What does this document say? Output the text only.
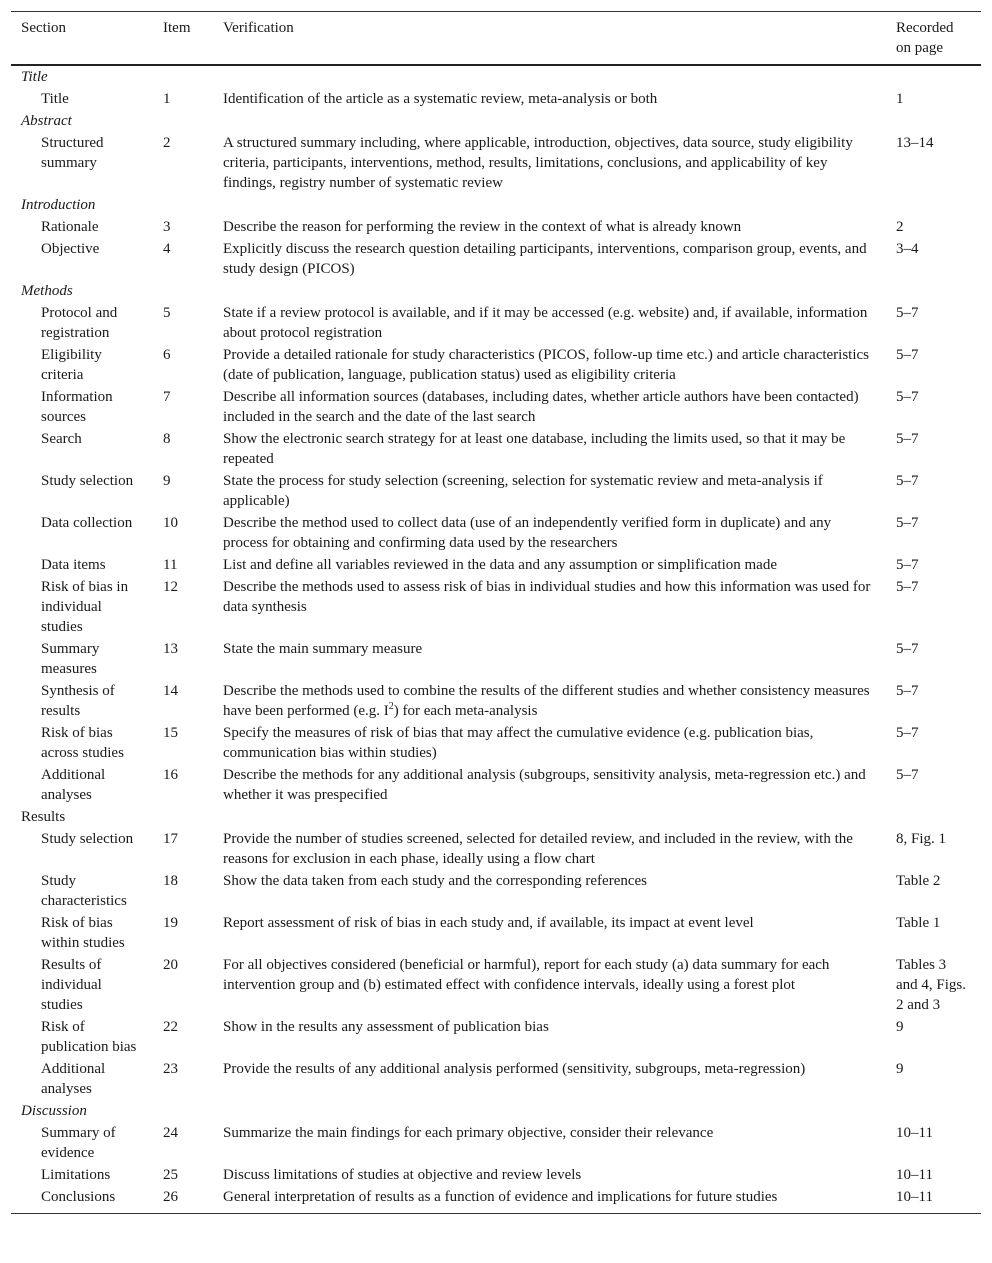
Section	Item	Verification	Recorded on page
Title			
Title	1	Identification of the article as a systematic review, meta-analysis or both	1
Abstract			
Structured summary	2	A structured summary including, where applicable, introduction, objectives, data source, study eligibility criteria, participants, interventions, method, results, limitations, conclusions, and applicability of key findings, registry number of systematic review	13–14
Introduction			
Rationale	3	Describe the reason for performing the review in the context of what is already known	2
Objective	4	Explicitly discuss the research question detailing participants, interventions, comparison group, events, and study design (PICOS)	3–4
Methods			
Protocol and registration	5	State if a review protocol is available, and if it may be accessed (e.g. website) and, if available, information about protocol registration	5–7
Eligibility criteria	6	Provide a detailed rationale for study characteristics (PICOS, follow-up time etc.) and article characteristics (date of publication, language, publication status) used as eligibility criteria	5–7
Information sources	7	Describe all information sources (databases, including dates, whether article authors have been contacted) included in the search and the date of the last search	5–7
Search	8	Show the electronic search strategy for at least one database, including the limits used, so that it may be repeated	5–7
Study selection	9	State the process for study selection (screening, selection for systematic review and meta-analysis if applicable)	5–7
Data collection	10	Describe the method used to collect data (use of an independently verified form in duplicate) and any process for obtaining and confirming data used by the researchers	5–7
Data items	11	List and define all variables reviewed in the data and any assumption or simplification made	5–7
Risk of bias in individual studies	12	Describe the methods used to assess risk of bias in individual studies and how this information was used for data synthesis	5–7
Summary measures	13	State the main summary measure	5–7
Synthesis of results	14	Describe the methods used to combine the results of the different studies and whether consistency measures have been performed (e.g. $I^2$) for each meta-analysis	5–7
Risk of bias across studies	15	Specify the measures of risk of bias that may affect the cumulative evidence (e.g. publication bias, communication bias within studies)	5–7
Additional analyses	16	Describe the methods for any additional analysis (subgroups, sensitivity analysis, meta-regression etc.) and whether it was prespecified	5–7
Results			
Study selection	17	Provide the number of studies screened, selected for detailed review, and included in the review, with the reasons for exclusion in each phase, ideally using a flow chart	8, Fig. 1
Study characteristics	18	Show the data taken from each study and the corresponding references	Table 2
Risk of bias within studies	19	Report assessment of risk of bias in each study and, if available, its impact at event level	Table 1
Results of individual studies	20	For all objectives considered (beneficial or harmful), report for each study (a) data summary for each intervention group and (b) estimated effect with confidence intervals, ideally using a forest plot	Tables 3 and 4, Figs. 2 and 3
Risk of publication bias	22	Show in the results any assessment of publication bias	9
Additional analyses	23	Provide the results of any additional analysis performed (sensitivity, subgroups, meta-regression)	9
Discussion			
Summary of evidence	24	Summarize the main findings for each primary objective, consider their relevance	10–11
Limitations	25	Discuss limitations of studies at objective and review levels	10–11
Conclusions	26	General interpretation of results as a function of evidence and implications for future studies	10–11
